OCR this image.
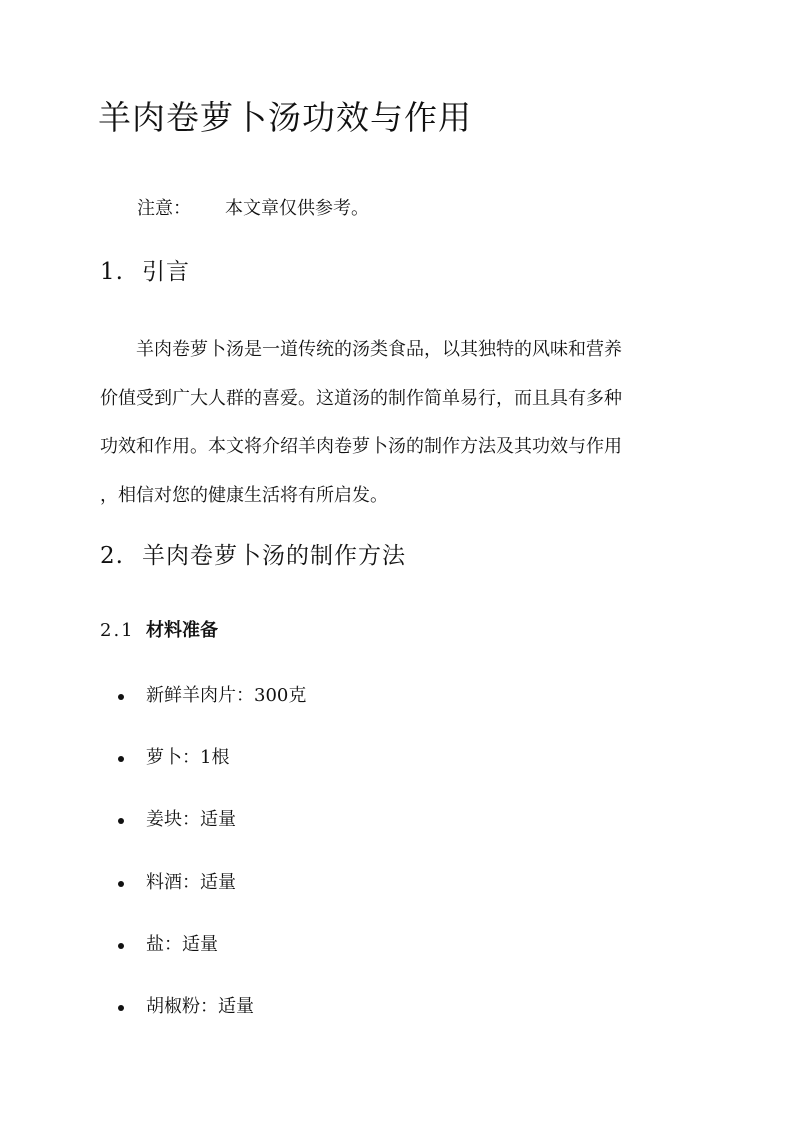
羊肉卷萝卜汤功效与作用
注意： 本文章仅供参考。
1. 引言

羊肉卷萝卜汤是一道传统的汤类食品，以其独特的风味和营养
价值受到广大人群的喜爱。这道汤的制作简单易行，而且具有多种
功效和作用。本文将介绍羊肉卷萝卜汤的制作方法及其功效与作用
，相信对您的健康生活将有所启发。

2. 羊肉卷萝卜汤的制作方法
2.1 材料准备
新鲜羊肉片：300克
萝卜：1根
姜块：适量
料酒：适量
盐：适量
胡椒粉：适量
